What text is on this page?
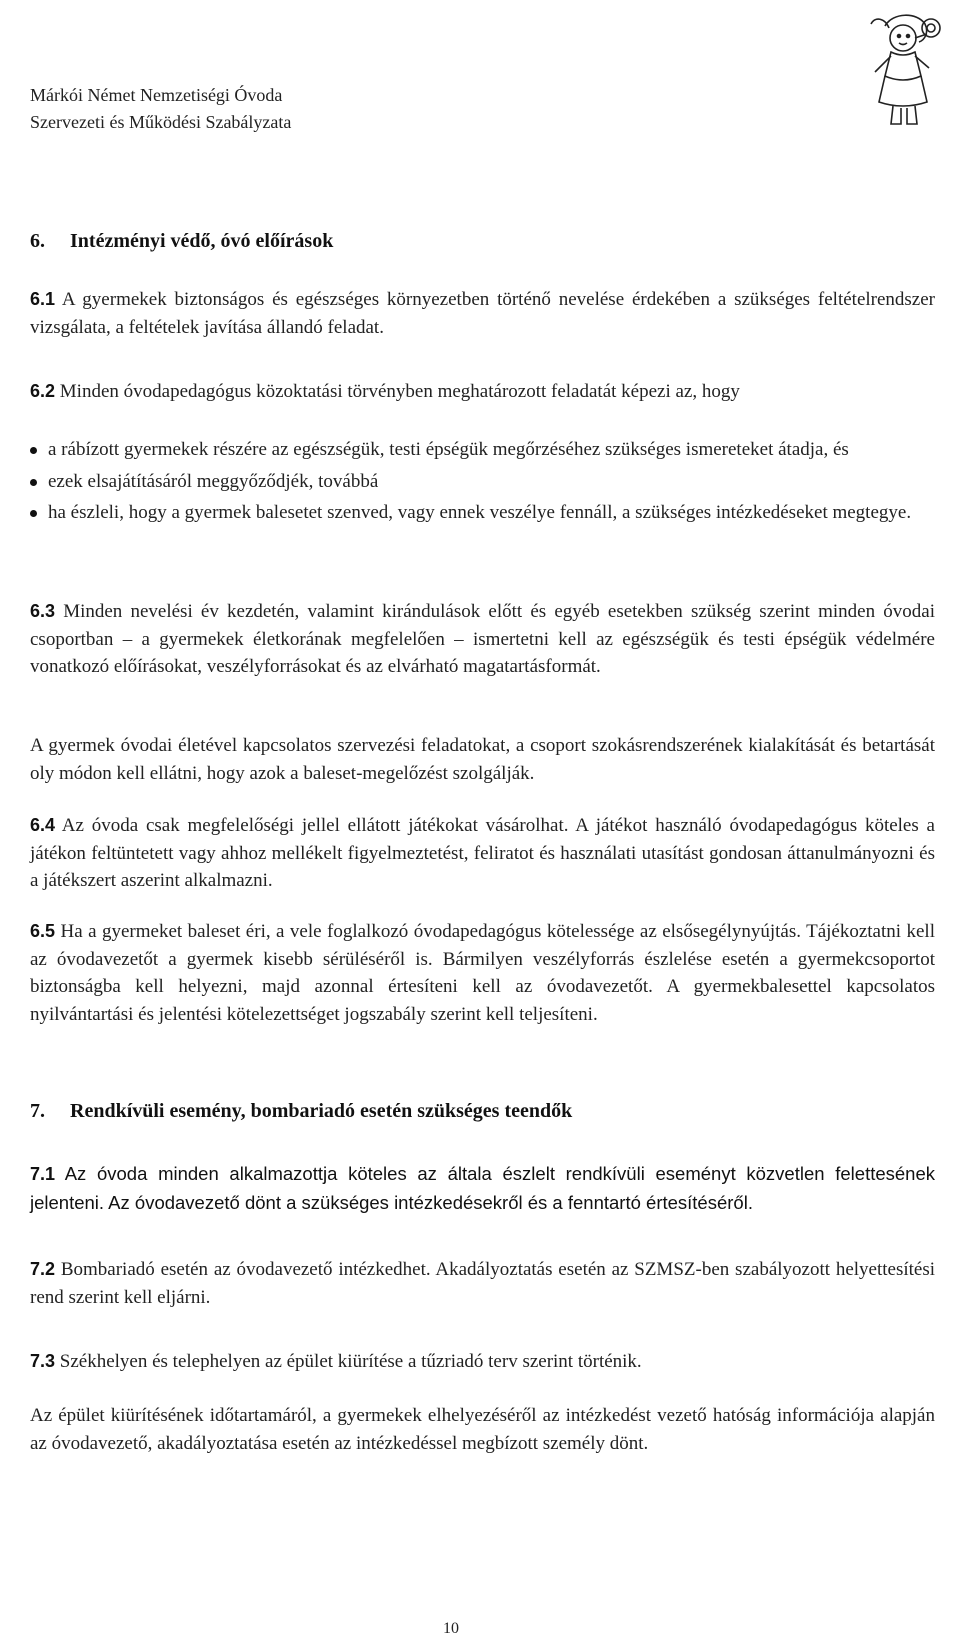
Márkói Német Nemzetiségi Óvoda
Szervezeti és Működési Szabályzata
6. Intézményi védő, óvó előírások
6.1 A gyermekek biztonságos és egészséges környezetben történő nevelése érdekében a szükséges feltételrendszer vizsgálata, a feltételek javítása állandó feladat.
6.2 Minden óvodapedagógus közoktatási törvényben meghatározott feladatát képezi az, hogy
a rábízott gyermekek részére az egészségük, testi épségük megőrzéséhez szükséges ismereteket átadja, és
ezek elsajátításáról meggyőződjék, továbbá
ha észleli, hogy a gyermek balesetet szenved, vagy ennek veszélye fennáll, a szükséges intézkedéseket megtegye.
6.3 Minden nevelési év kezdetén, valamint kirándulások előtt és egyéb esetekben szükség szerint minden óvodai csoportban – a gyermekek életkorának megfelelően – ismertetni kell az egészségük és testi épségük védelmére vonatkozó előírásokat, veszélyforrásokat és az elvárható magatartásformát.
A gyermek óvodai életével kapcsolatos szervezési feladatokat, a csoport szokásrendszerének kialakítását és betartását oly módon kell ellátni, hogy azok a baleset-megelőzést szolgálják.
6.4 Az óvoda csak megfelelőségi jellel ellátott játékokat vásárolhat. A játékot használó óvodapedagógus köteles a játékon feltüntetett vagy ahhoz mellékelt figyelmeztetést, feliratot és használati utasítást gondosan áttanulmányozni és a játékszert aszerint alkalmazni.
6.5 Ha a gyermeket baleset éri, a vele foglalkozó óvodapedagógus kötelessége az elsősegélynyújtás. Tájékoztatni kell az óvodavezetőt a gyermek kisebb sérüléséről is. Bármilyen veszélyforrás észlelése esetén a gyermekcsoportot biztonságba kell helyezni, majd azonnal értesíteni kell az óvodavezetőt. A gyermekbalesettel kapcsolatos nyilvántartási és jelentési kötelezettséget jogszabály szerint kell teljesíteni.
7. Rendkívüli esemény, bombariadó esetén szükséges teendők
7.1 Az óvoda minden alkalmazottja köteles az általa észlelt rendkívüli eseményt közvetlen felettesének jelenteni. Az óvodavezető dönt a szükséges intézkedésekről és a fenntartó értesítéséről.
7.2 Bombariadó esetén az óvodavezető intézkedhet. Akadályoztatás esetén az SZMSZ-ben szabályozott helyettesítési rend szerint kell eljárni.
7.3 Székhelyen és telephelyen az épület kiürítése a tűzriadó terv szerint történik.
Az épület kiürítésének időtartamáról, a gyermekek elhelyezéséről az intézkedést vezető hatóság információja alapján az óvodavezető, akadályoztatása esetén az intézkedéssel megbízott személy dönt.
10
